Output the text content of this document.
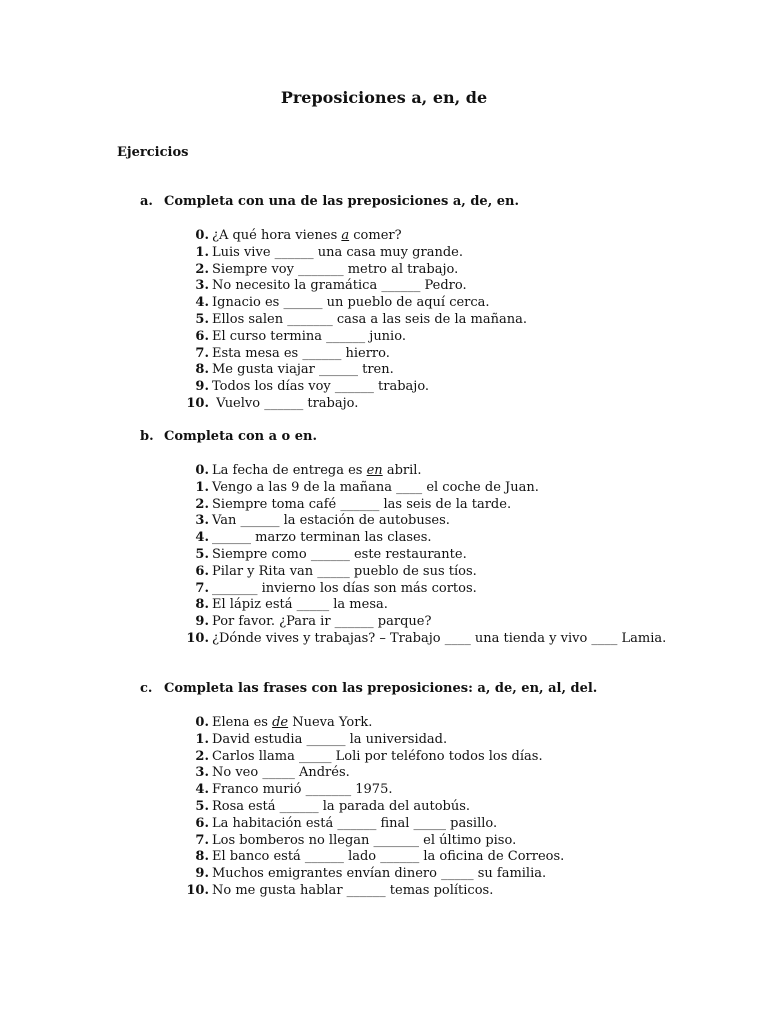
Preposiciones a, en, de
Ejercicios
a. Completa con una de las preposiciones a, de, en.
0. ¿A qué hora vienes a comer?
1. Luis vive ______ una casa muy grande.
2. Siempre voy _______ metro al trabajo.
3. No necesito la gramática ______ Pedro.
4. Ignacio es ______ un pueblo de aquí cerca.
5. Ellos salen _______ casa a las seis de la mañana.
6. El curso termina ______ junio.
7. Esta mesa es ______ hierro.
8. Me gusta viajar ______ tren.
9. Todos los días voy ______ trabajo.
10. Vuelvo ______ trabajo.
b. Completa con a o en.
0. La fecha de entrega es en abril.
1. Vengo a las 9 de la mañana ____ el coche de Juan.
2. Siempre toma café ______ las seis de la tarde.
3. Van ______ la estación de autobuses.
4. ______ marzo terminan las clases.
5. Siempre como ______ este restaurante.
6. Pilar y Rita van _____ pueblo de sus tíos.
7. _______ invierno los días son más cortos.
8. El lápiz está _____ la mesa.
9. Por favor. ¿Para ir ______ parque?
10. ¿Dónde vives y trabajas? – Trabajo ____ una tienda y vivo ____ Lamia.
c. Completa las frases con las preposiciones: a, de, en, al, del.
0. Elena es de Nueva York.
1. David estudia ______ la universidad.
2. Carlos llama _____ Loli por teléfono todos los días.
3. No veo _____ Andrés.
4. Franco murió _______ 1975.
5. Rosa está ______ la parada del autobús.
6. La habitación está ______ final _____ pasillo.
7. Los bomberos no llegan _______ el último piso.
8. El banco está ______ lado ______ la oficina de Correos.
9. Muchos emigrantes envían dinero _____ su familia.
10. No me gusta hablar ______ temas políticos.
